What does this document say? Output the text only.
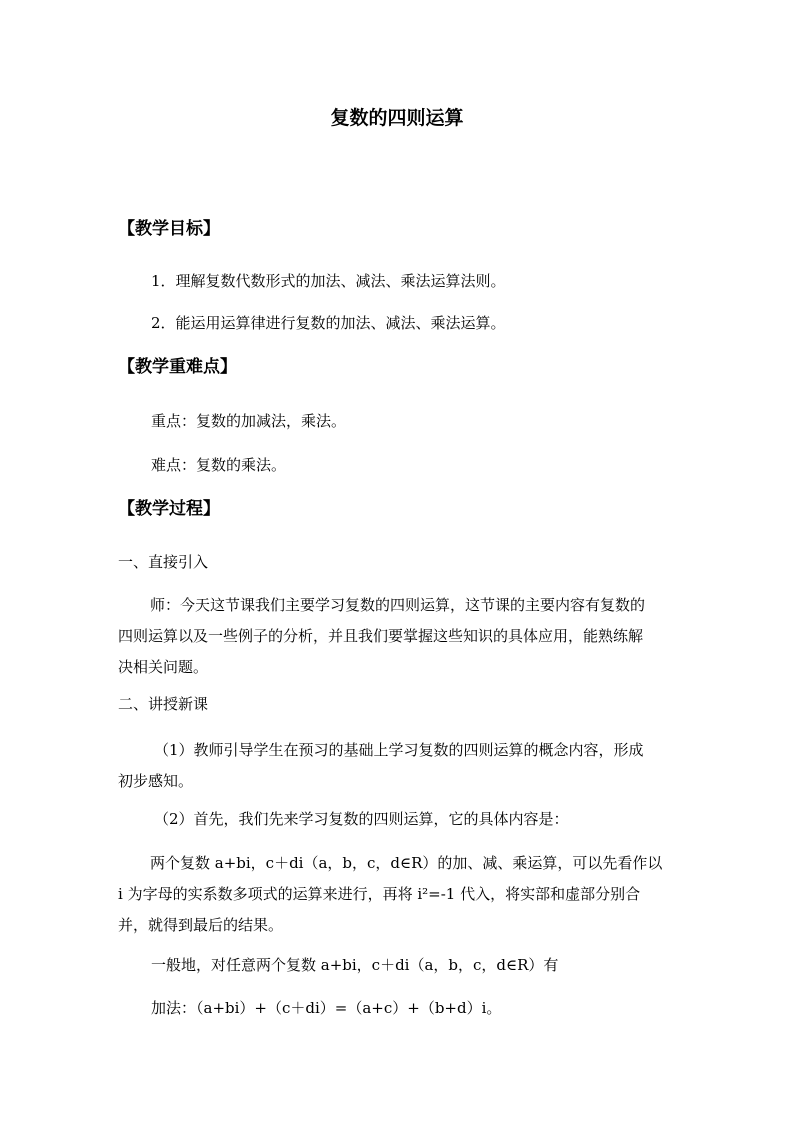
复数的四则运算
【教学目标】
1．理解复数代数形式的加法、减法、乘法运算法则。
2．能运用运算律进行复数的加法、减法、乘法运算。
【教学重难点】
重点：复数的加减法，乘法。
难点：复数的乘法。
【教学过程】
一、直接引入
师：今天这节课我们主要学习复数的四则运算，这节课的主要内容有复数的
四则运算以及一些例子的分析，并且我们要掌握这些知识的具体应用，能熟练解
决相关问题。
二、讲授新课
（1）教师引导学生在预习的基础上学习复数的四则运算的概念内容，形成
初步感知。
（2）首先，我们先来学习复数的四则运算，它的具体内容是：
两个复数 a+bi，c＋di（a，b，c，d∈R）的加、减、乘运算，可以先看作以
i 为字母的实系数多项式的运算来进行，再将 i²=-1 代入，将实部和虚部分别合
并，就得到最后的结果。
一般地，对任意两个复数 a+bi，c＋di（a，b，c，d∈R）有
加法：（a+bi）+（c＋di）=（a+c）+（b+d）i。
